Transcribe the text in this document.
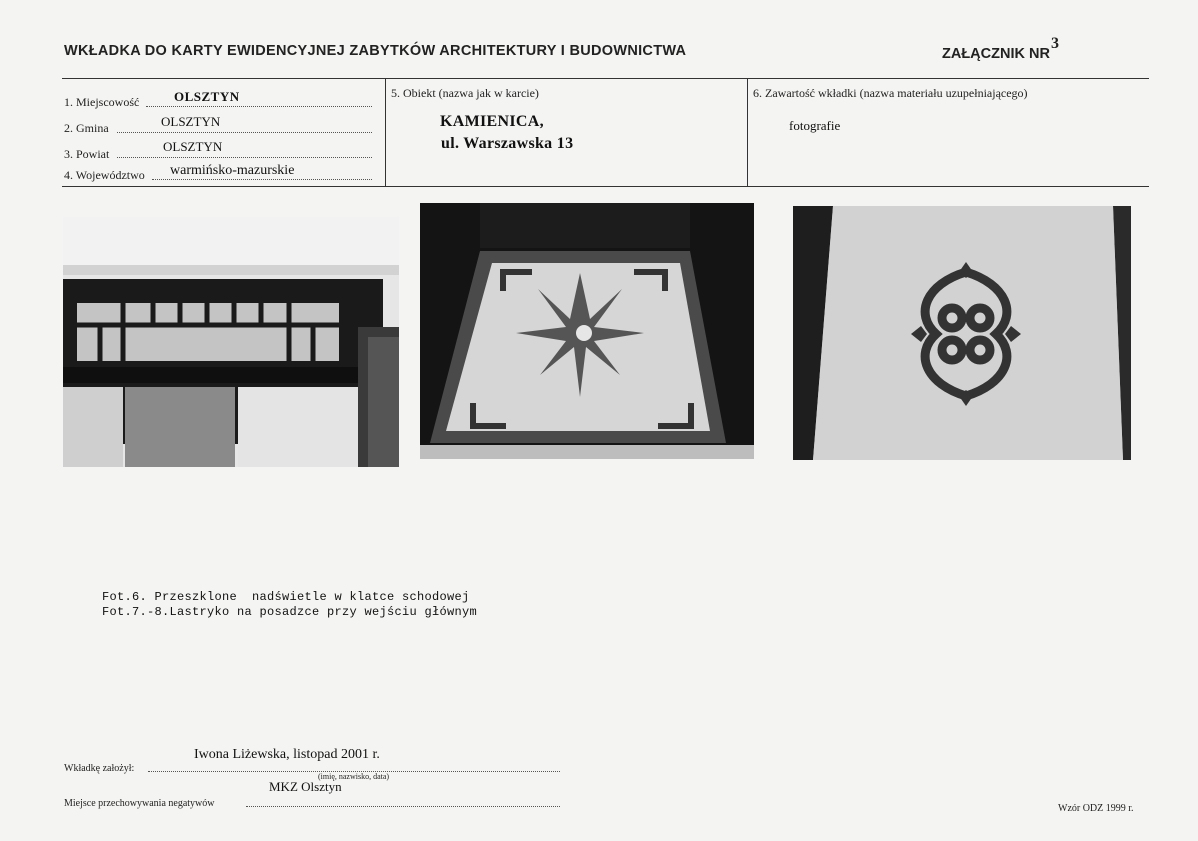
WKŁADKA DO KARTY EWIDENCYJNEJ ZABYTKÓW ARCHITEKTURY I BUDOWNICTWA	ZAŁĄCZNIK $NR^3$
1. Miejscowość	OLSZTYN
2. Gmina	OLSZTYN
3. Powiat	OLSZTYN
4. Województwo warmińsko-mazurskie
5. Obiekt (nazwa jak w karcie)
KAMIENICA,
ul. Warszawska 13
6. Zawartość wkładki (nazwa materiału uzupełniającego)
fotografie
Fot.6. Przeszklone  nadświetle w klatce schodowej
Fot.7.-8.Lastryko na posadzce przy wejściu głównym
Iwona Liżewska, listopad 2001 r.
Wkładkę założył:
(imię, nazwisko, data)
MKZ Olsztyn
Miejsce przechowywania negatywów	Wzór ODZ 1999 r.
